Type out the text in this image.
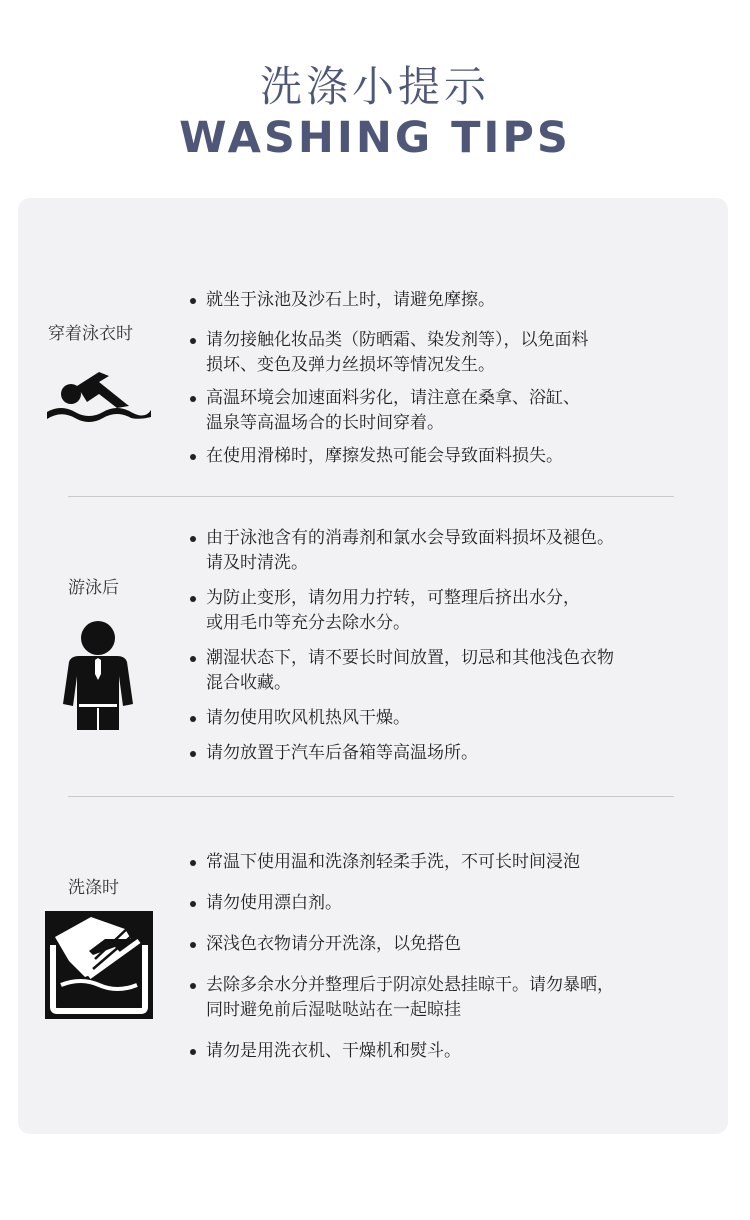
洗涤小提示
WASHING TIPS
穿着泳衣时
就坐于泳池及沙石上时，请避免摩擦。
请勿接触化妆品类（防晒霜、染发剂等），以免面料
损坏、变色及弹力丝损坏等情况发生。
高温环境会加速面料劣化，请注意在桑拿、浴缸、
温泉等高温场合的长时间穿着。
在使用滑梯时，摩擦发热可能会导致面料损失。
游泳后
由于泳池含有的消毒剂和氯水会导致面料损坏及褪色。
请及时清洗。
为防止变形，请勿用力拧转，可整理后挤出水分，
或用毛巾等充分去除水分。
潮湿状态下，请不要长时间放置，切忌和其他浅色衣物
混合收藏。
请勿使用吹风机热风干燥。
请勿放置于汽车后备箱等高温场所。
洗涤时
常温下使用温和洗涤剂轻柔手洗，不可长时间浸泡
请勿使用漂白剂。
深浅色衣物请分开洗涤，以免搭色
去除多余水分并整理后于阴凉处悬挂晾干。请勿暴晒，
同时避免前后湿哒哒站在一起晾挂
请勿是用洗衣机、干燥机和熨斗。
